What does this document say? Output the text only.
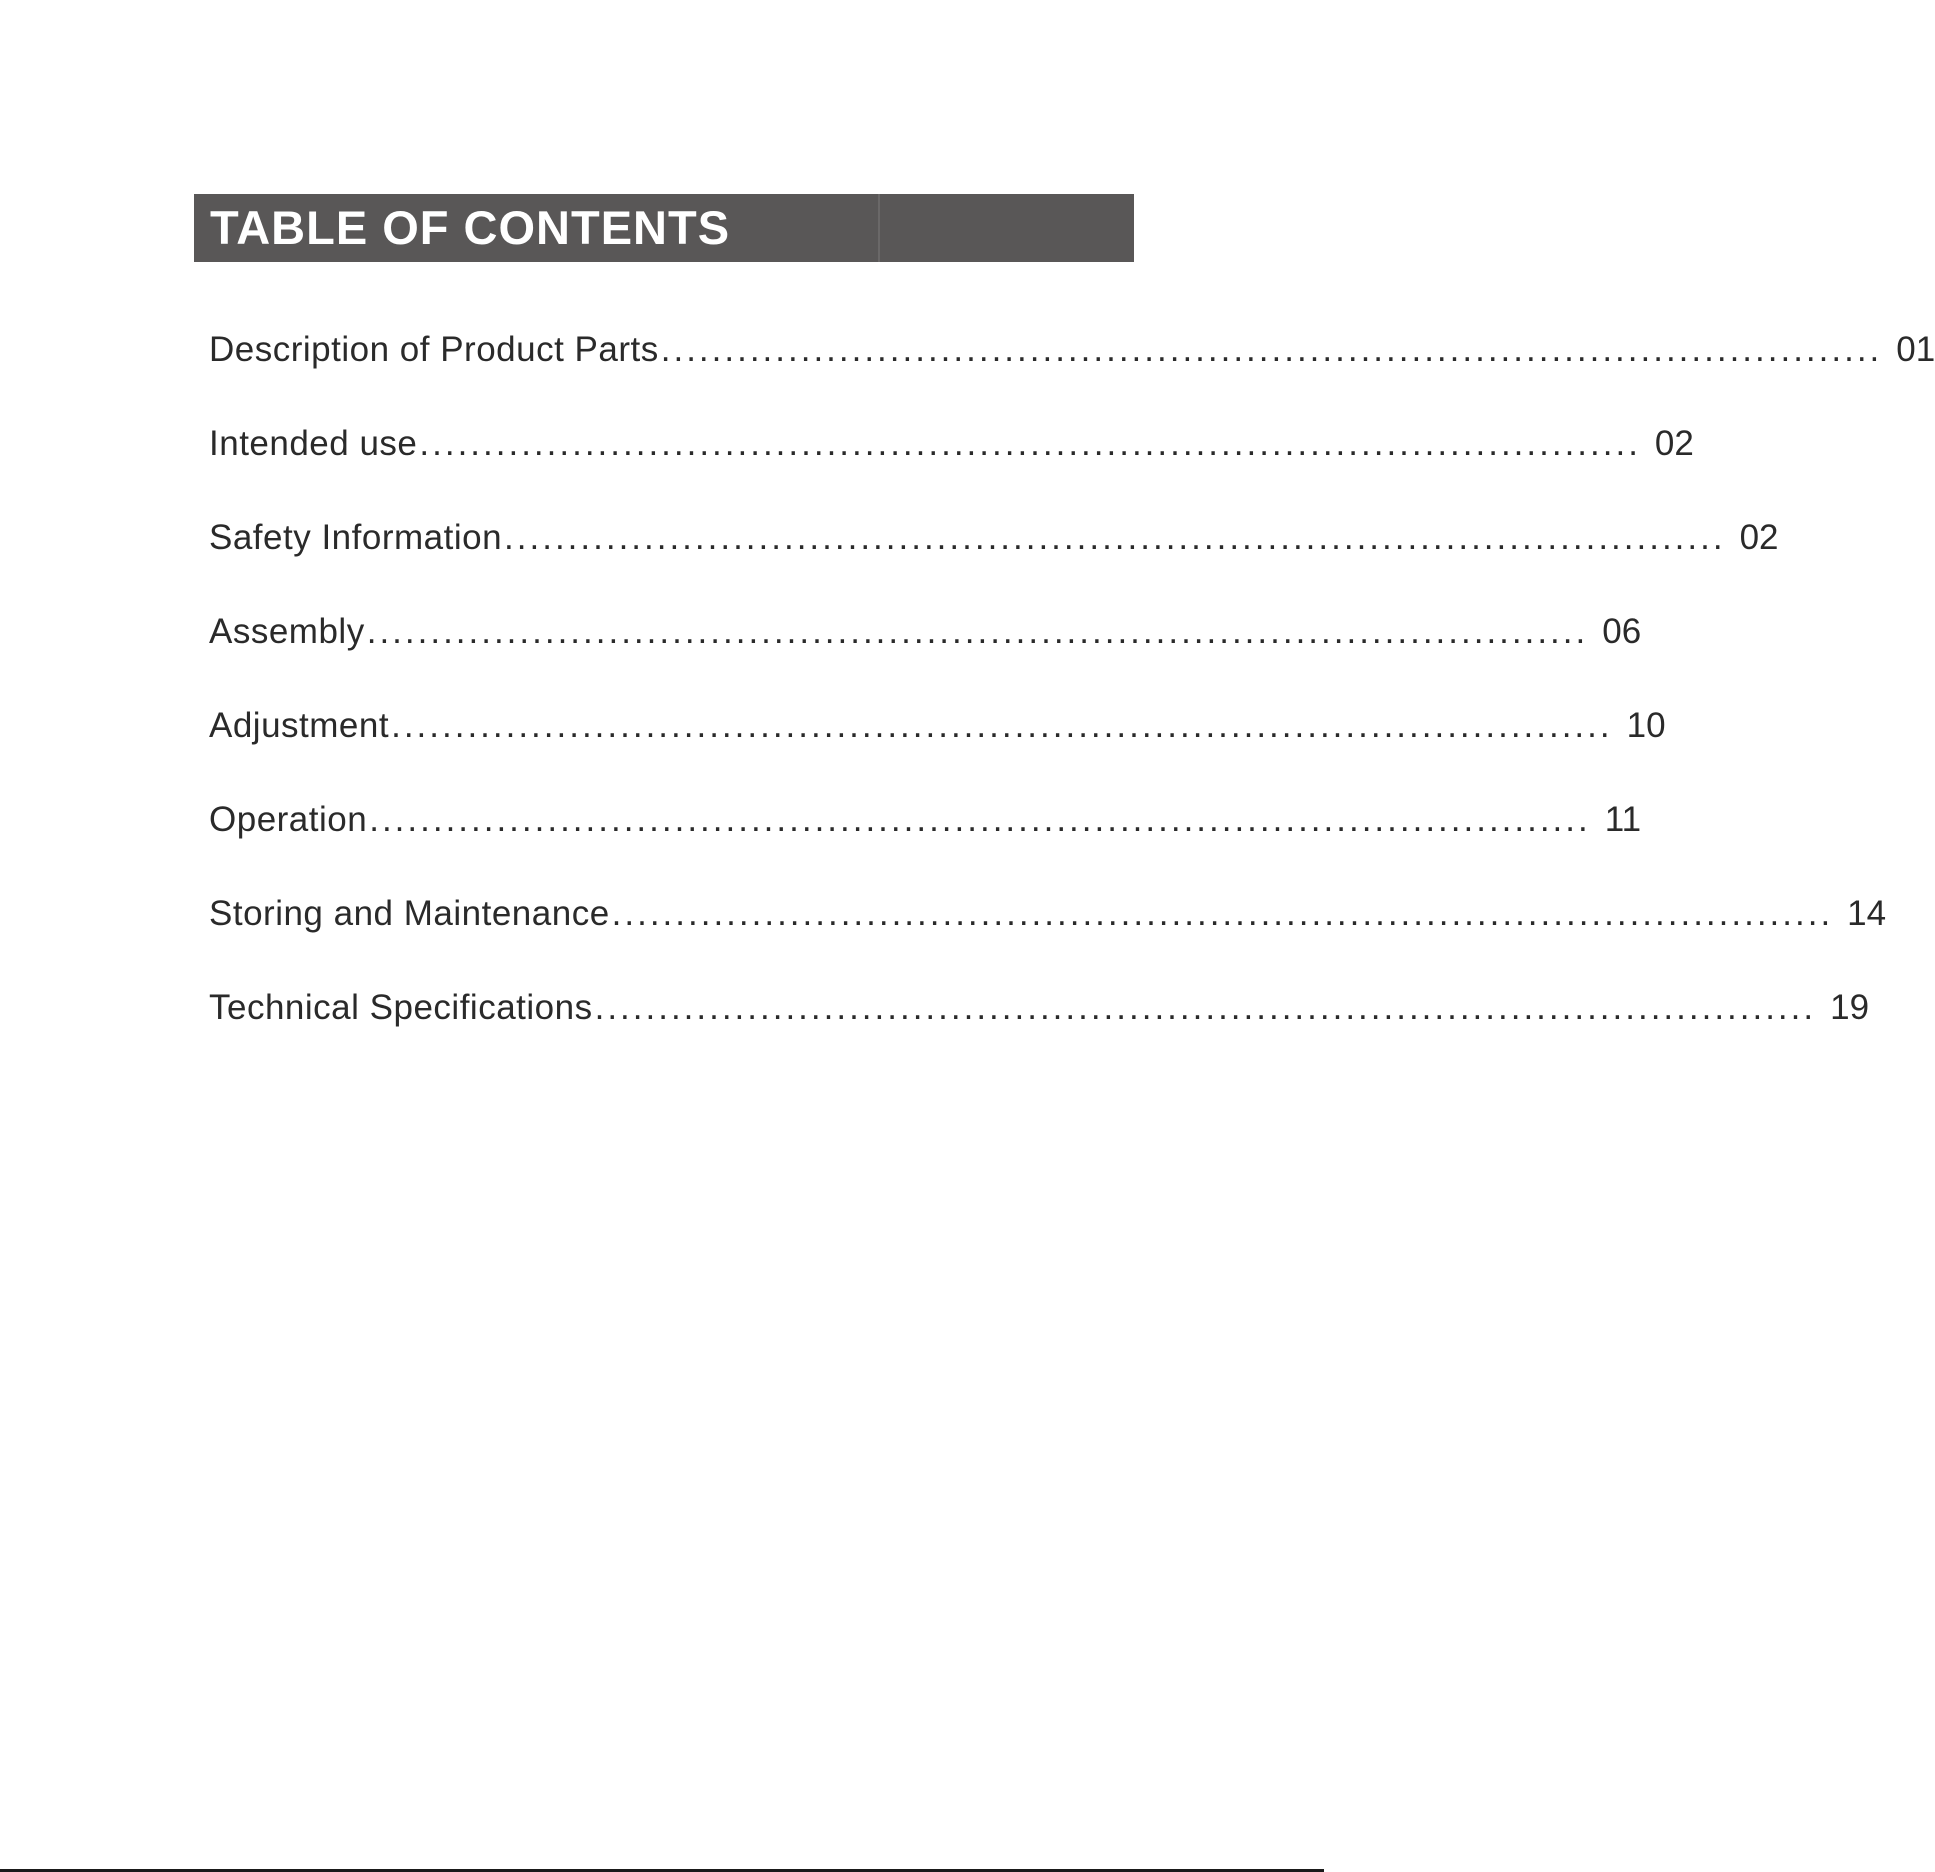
TABLE OF CONTENTS
Description of Product Parts ................................................................................................ 01
Intended use ................................................................................................ 02
Safety Information ................................................................................................ 02
Assembly ................................................................................................ 06
Adjustment ................................................................................................ 10
Operation ................................................................................................ 11
Storing and Maintenance ................................................................................................ 14
Technical Specifications ................................................................................................ 19
